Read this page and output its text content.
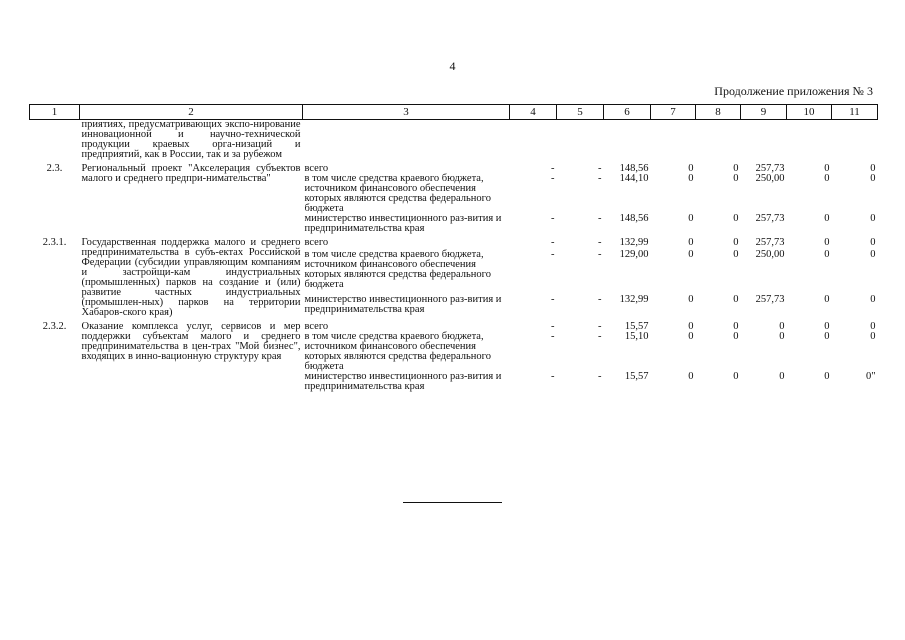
4
Продолжение приложения № 3
1	2	3	4	5	6	7	8	9	10	11
	приятиях, предусматривающих экспо-нирование инновационной и научно-технической продукции краевых орга-низаций и предприятий, как в России, так и за рубежом									
2.3.	Региональный проект "Акселерация субъектов малого и среднего предпри-нимательства"	всего	-	-	148,56	0	0	257,73	0	0
		в том числе средства краевого бюджета, источником финансового обеспечения которых являются средства федерального бюджета	-	-	144,10	0	0	250,00	0	0
		министерство инвестиционного раз-вития и предпринимательства края	-	-	148,56	0	0	257,73	0	0
2.3.1.	Государственная поддержка малого и среднего предпринимательства в субъ-ектах Российской Федерации (субсидии управляющим компаниям и застройщи-кам индустриальных (промышленных) парков на создание и (или) развитие частных индустриальных (промышлен-ных) парков на территории Хабаров-ского края)	всего	-	-	132,99	0	0	257,73	0	0
		в том числе средства краевого бюджета, источником финансового обеспечения которых являются средства федерального бюджета	-	-	129,00	0	0	250,00	0	0
		министерство инвестиционного раз-вития и предпринимательства края	-	-	132,99	0	0	257,73	0	0
2.3.2.	Оказание комплекса услуг, сервисов и мер поддержки субъектам малого и среднего предпринимательства в цен-трах "Мой бизнес", входящих в инно-вационную структуру края	всего	-	-	15,57	0	0	0	0	0
		в том числе средства краевого бюджета, источником финансового обеспечения которых являются средства федерального бюджета	-	-	15,10	0	0	0	0	0
		министерство инвестиционного раз-вития и предпринимательства края	-	-	15,57	0	0	0	0	0"
